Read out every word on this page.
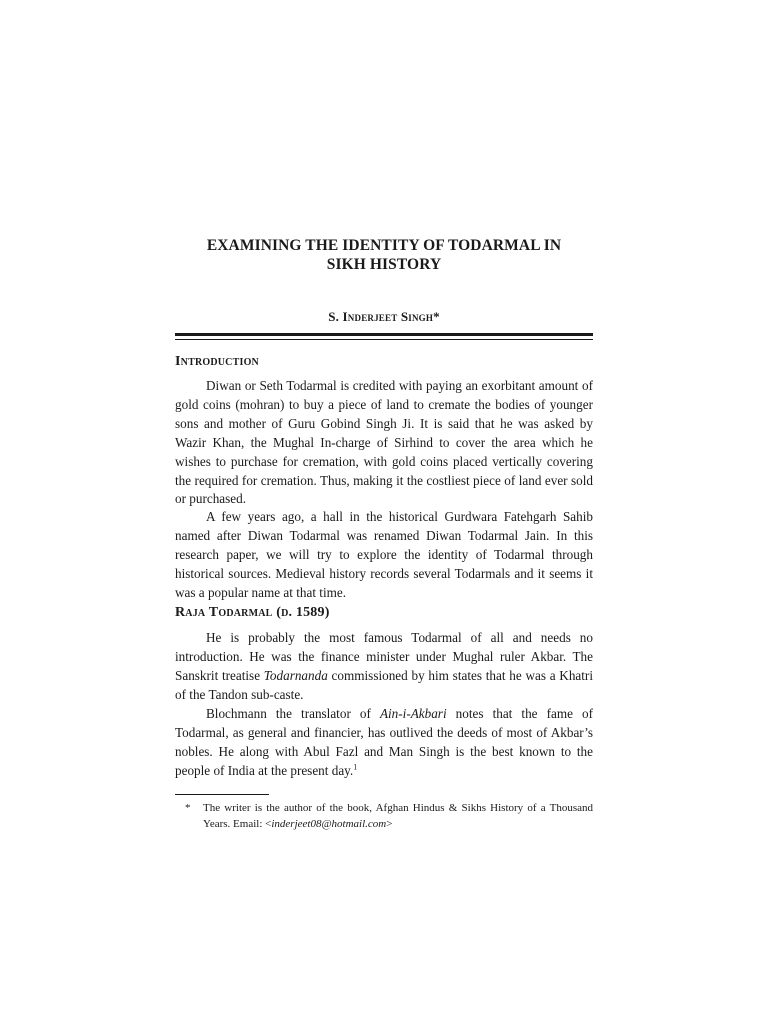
EXAMINING THE IDENTITY OF TODARMAL IN
SIKH HISTORY
S. Inderjeet Singh*
Introduction

Diwan or Seth Todarmal is credited with paying an exorbitant amount of gold coins (mohran) to buy a piece of land to cremate the bodies of younger sons and mother of Guru Gobind Singh Ji. It is said that he was asked by Wazir Khan, the Mughal In-charge of Sirhind to cover the area which he wishes to purchase for cremation, with gold coins placed vertically covering the required for cremation. Thus, making it the costliest piece of land ever sold or purchased.

A few years ago, a hall in the historical Gurdwara Fatehgarh Sahib named after Diwan Todarmal was renamed Diwan Todarmal Jain. In this research paper, we will try to explore the identity of Todarmal through historical sources. Medieval history records several Todarmals and it seems it was a popular name at that time.

Raja Todarmal (d. 1589)

He is probably the most famous Todarmal of all and needs no introduction. He was the finance minister under Mughal ruler Akbar. The Sanskrit treatise Todarnanda commissioned by him states that he was a Khatri of the Tandon sub-caste.

Blochmann the translator of Ain-i-Akbari notes that the fame of Todarmal, as general and financier, has outlived the deeds of most of Akbar’s nobles. He along with Abul Fazl and Man Singh is the best known to the people of India at the present day.$^1$

* The writer is the author of the book, Afghan Hindus & Sikhs History of a Thousand Years. Email: <inderjeet08@hotmail.com>
